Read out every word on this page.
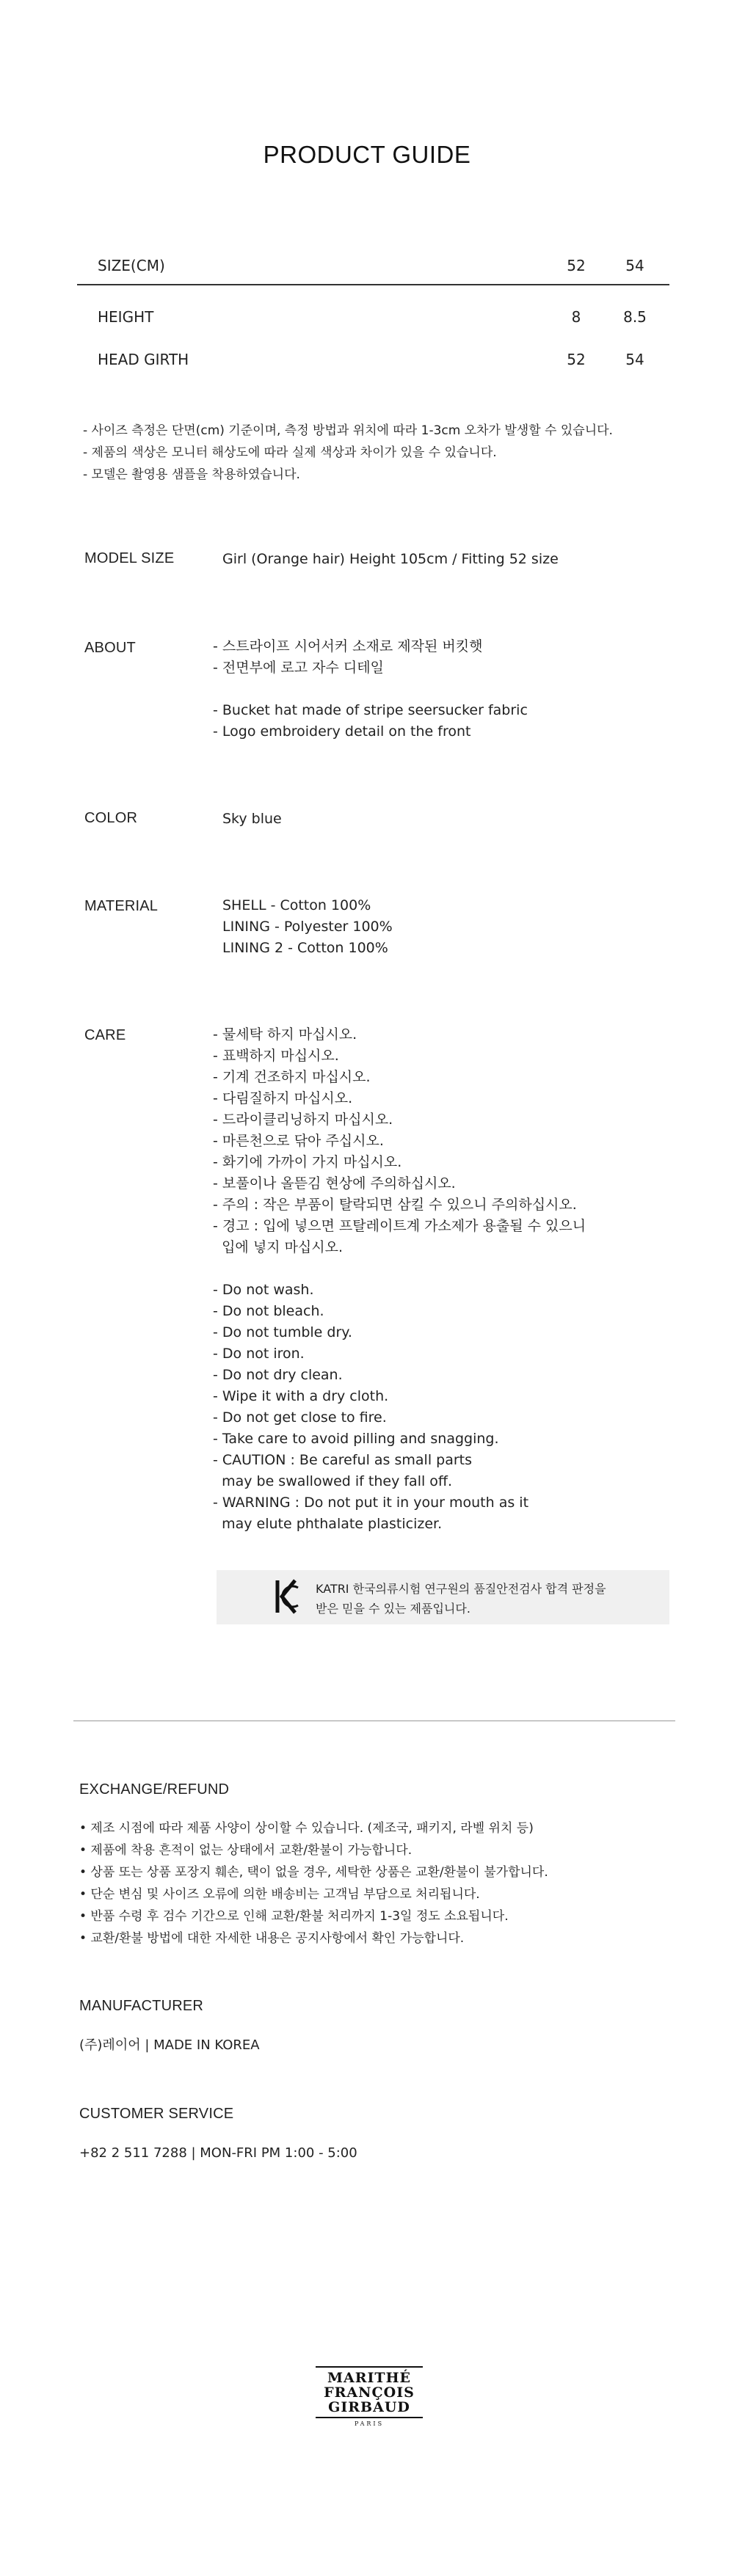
PRODUCT GUIDE
SIZE(CM)	52	54
HEIGHT	8	8.5
HEAD GIRTH	52	54
- 사이즈 측정은 단면(cm) 기준이며, 측정 방법과 위치에 따라 1-3cm 오차가 발생할 수 있습니다.
- 제품의 색상은 모니터 해상도에 따라 실제 색상과 차이가 있을 수 있습니다.
- 모델은 촬영용 샘플을 착용하였습니다.
MODEL SIZE	Girl (Orange hair) Height 105cm / Fitting 52 size
ABOUT	- 스트라이프 시어서커 소재로 제작된 버킷햇
- 전면부에 로고 자수 디테일

- Bucket hat made of stripe seersucker fabric
- Logo embroidery detail on the front
COLOR	Sky blue
MATERIAL	SHELL - Cotton 100%
LINING - Polyester 100%
LINING 2 - Cotton 100%
CARE	- 물세탁 하지 마십시오.
- 표백하지 마십시오.
- 기계 건조하지 마십시오.
- 다림질하지 마십시오.
- 드라이클리닝하지 마십시오.
- 마른천으로 닦아 주십시오.
- 화기에 가까이 가지 마십시오.
- 보풀이나 올뜯김 현상에 주의하십시오.
- 주의 : 작은 부품이 탈락되면 삼킬 수 있으니 주의하십시오.
- 경고 : 입에 넣으면 프탈레이트계 가소제가 용출될 수 있으니
입에 넣지 마십시오.

- Do not wash.
- Do not bleach.
- Do not tumble dry.
- Do not iron.
- Do not dry clean.
- Wipe it with a dry cloth.
- Do not get close to fire.
- Take care to avoid pilling and snagging.
- CAUTION : Be careful as small parts
may be swallowed if they fall off.
- WARNING : Do not put it in your mouth as it
may elute phthalate plasticizer.
KATRI 한국의류시험 연구원의 품질안전검사 합격 판정을
받은 믿을 수 있는 제품입니다.
EXCHANGE/REFUND
• 제조 시점에 따라 제품 사양이 상이할 수 있습니다. (제조국, 패키지, 라벨 위치 등)
• 제품에 착용 흔적이 없는 상태에서 교환/환불이 가능합니다.
• 상품 또는 상품 포장지 훼손, 택이 없을 경우, 세탁한 상품은 교환/환불이 불가합니다.
• 단순 변심 및 사이즈 오류에 의한 배송비는 고객님 부담으로 처리됩니다.
• 반품 수령 후 검수 기간으로 인해 교환/환불 처리까지 1-3일 정도 소요됩니다.
• 교환/환불 방법에 대한 자세한 내용은 공지사항에서 확인 가능합니다.
MANUFACTURER
(주)레이어 | MADE IN KOREA
CUSTOMER SERVICE
+82 2 511 7288 | MON-FRI PM 1:00 - 5:00
MARITHÉ
FRANÇOIS
GIRBAUD
PARIS
